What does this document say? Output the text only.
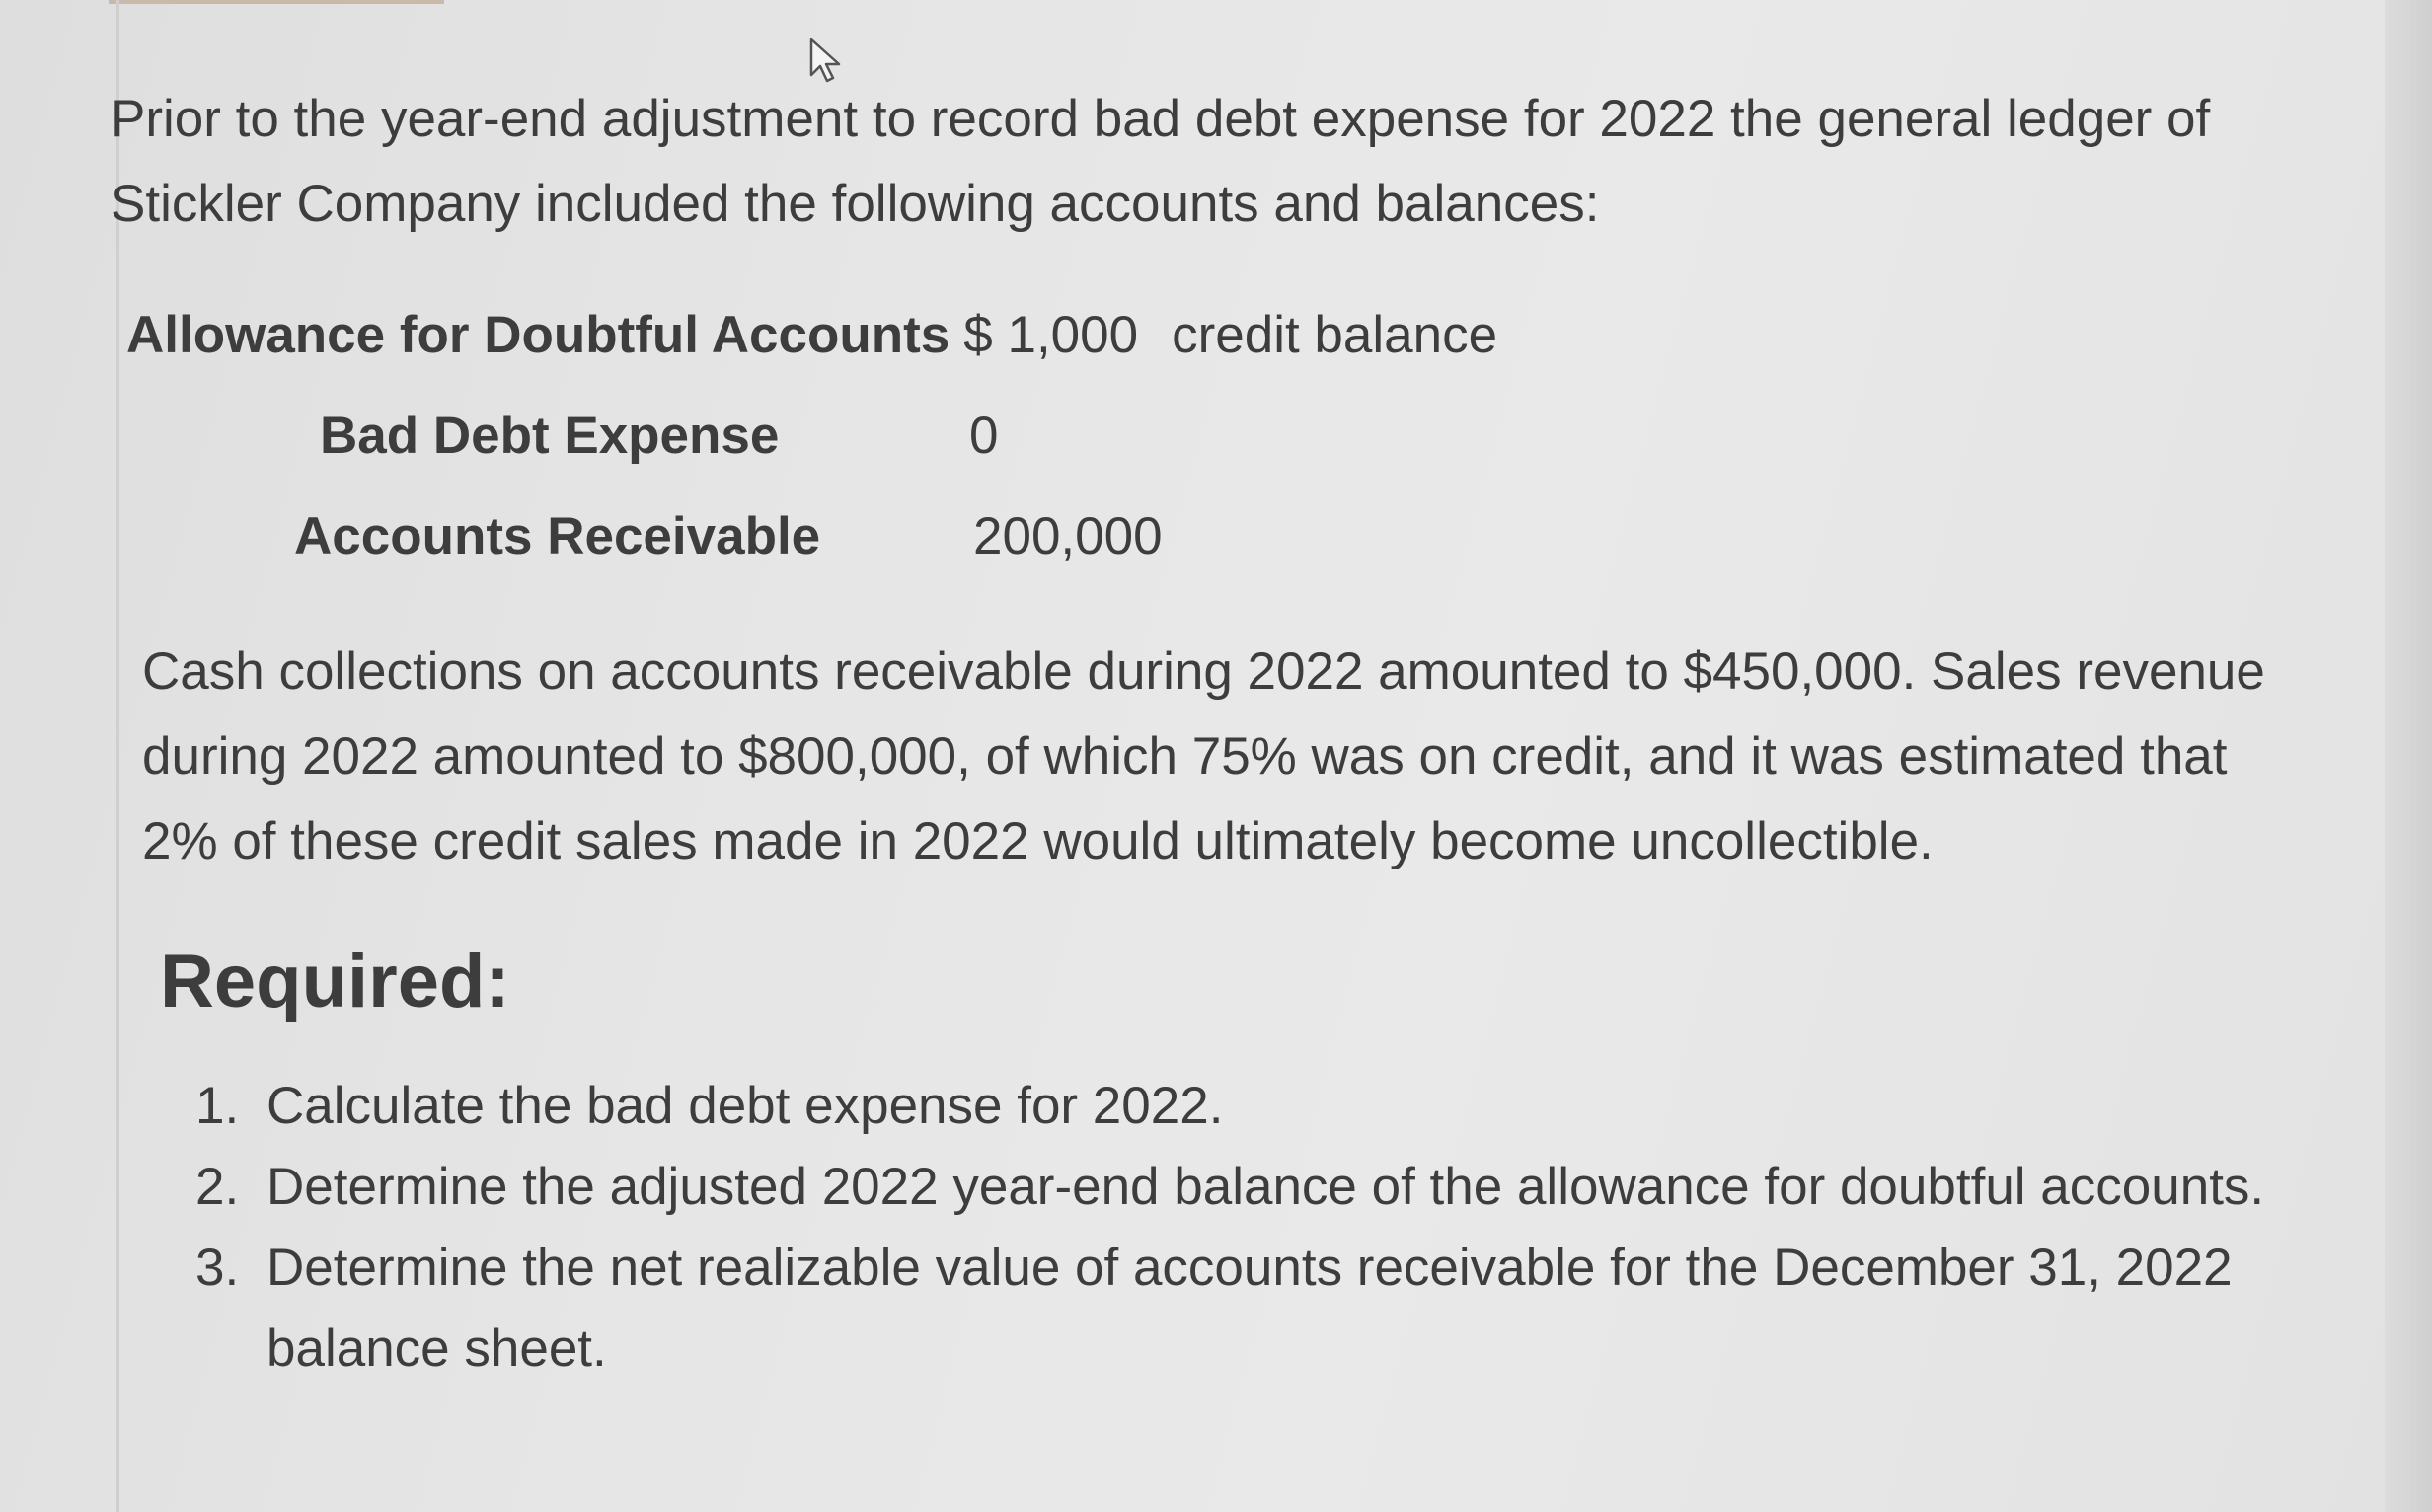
Prior to the year-end adjustment to record bad debt expense for 2022 the general ledger of Stickler Company included the following accounts and balances:

Allowance for Doubtful Accounts $ 1,000 credit balance
Bad Debt Expense	0
Accounts Receivable	200,000

Cash collections on accounts receivable during 2022 amounted to $450,000. Sales revenue during 2022 amounted to $800,000, of which 75% was on credit, and it was estimated that 2% of these credit sales made in 2022 would ultimately become uncollectible.

Required:
1. Calculate the bad debt expense for 2022.
2. Determine the adjusted 2022 year-end balance of the allowance for doubtful accounts.
3. Determine the net realizable value of accounts receivable for the December 31, 2022 balance sheet.
